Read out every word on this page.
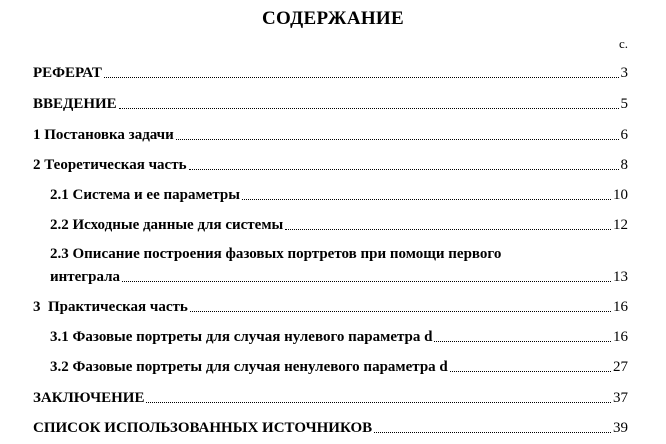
СОДЕРЖАНИЕ
с.
РЕФЕРАТ	3
ВВЕДЕНИЕ	5
1 Постановка задачи	6
2 Теоретическая часть	8
2.1 Система и ее параметры	10
2.2 Исходные данные для системы	12
2.3 Описание построения фазовых портретов при помощи первого
интеграла	13
3  Практическая часть	16
3.1 Фазовые портреты для случая нулевого параметра d	16
3.2 Фазовые портреты для случая ненулевого параметра d	27
ЗАКЛЮЧЕНИЕ	37
СПИСОК ИСПОЛЬЗОВАННЫХ ИСТОЧНИКОВ	39
